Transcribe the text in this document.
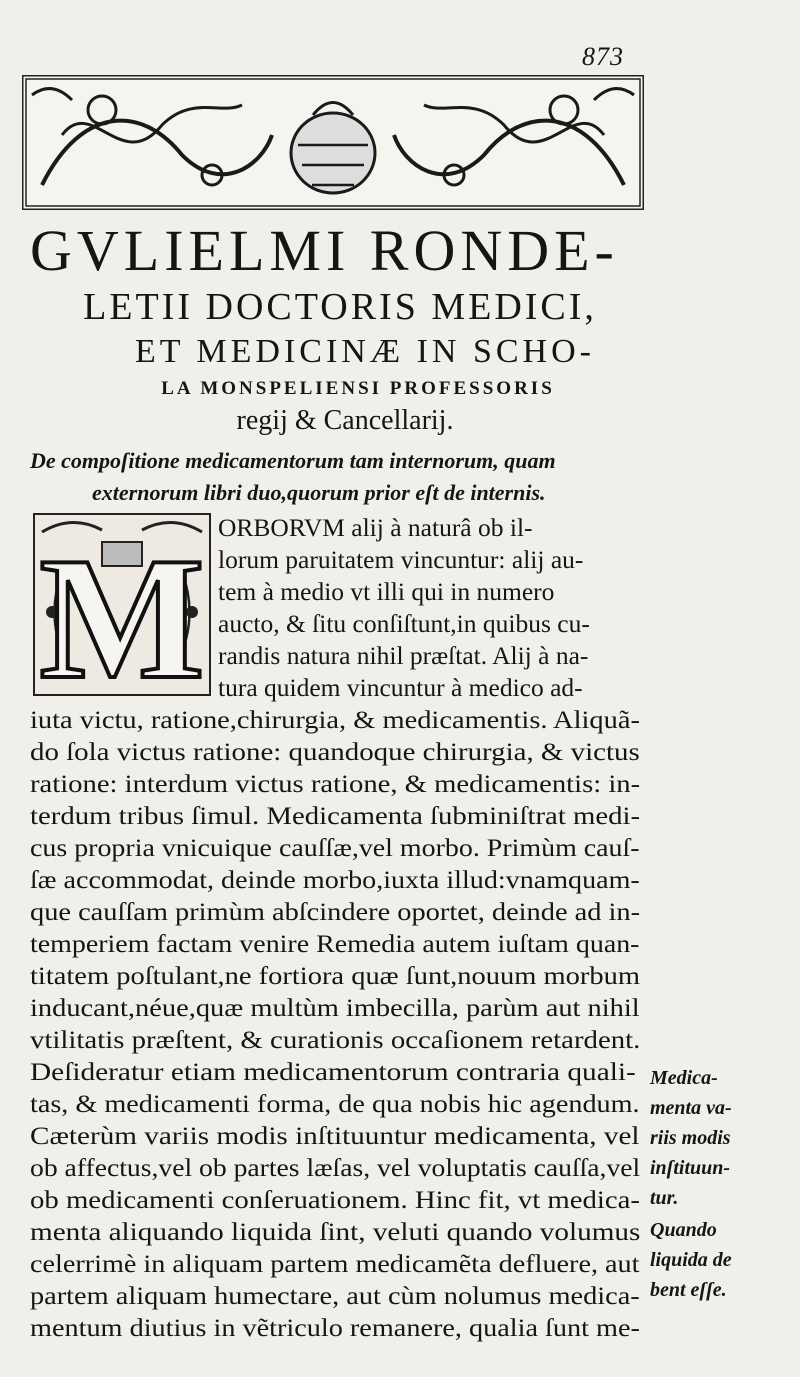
873
GVLIELMI RONDE-
LETII DOCTORIS MEDICI,
ET MEDICINÆ IN SCHO-
LA MONSPELIENSI PROFESSORIS
regij & Cancellarij.
De compoſitione medicamentorum tam internorum, quam
externorum libri duo,quorum prior eſt de internis.
M ORBORVM alij à naturâ ob il-
lorum paruitatem vincuntur: alij au-
tem à medio vt illi qui in numero
aucto, & ſitu conſiſtunt,in quibus cu-
randis natura nihil præſtat. Alij à na-
tura quidem vincuntur à medico ad-
iuta victu, ratione,chirurgia, & medicamentis. Aliquã-
do ſola victus ratione: quandoque chirurgia, & victus
ratione: interdum victus ratione, & medicamentis: in-
terdum tribus ſimul. Medicamenta ſubminiſtrat medi-
cus propria vnicuique cauſſæ,vel morbo. Primùm cauſ-
ſæ accommodat, deinde morbo,iuxta illud:vnamquam-
que cauſſam primùm abſcindere oportet, deinde ad in-
temperiem factam venire Remedia autem iuſtam quan-
titatem poſtulant,ne fortiora quæ ſunt,nouum morbum
inducant,néue,quæ multùm imbecilla, parùm aut nihil
vtilitatis præſtent, & curationis occaſionem retardent.
Deſideratur etiam medicamentorum contraria quali-
tas, & medicamenti forma, de qua nobis hic agendum.
Cæterùm variis modis inſtituuntur medicamenta, vel
ob affectus,vel ob partes læſas, vel voluptatis cauſſa,vel
ob medicamenti conſeruationem. Hinc fit, vt medica-
menta aliquando liquida ſint, veluti quando volumus
celerrimè in aliquam partem medicamẽta defluere, aut
partem aliquam humectare, aut cùm nolumus medica-
mentum diutius in vẽtriculo remanere, qualia ſunt me-
Medica-
menta va-
riis modis
inſtituun-
tur.
Quando
liquida de
bent eſſe.
